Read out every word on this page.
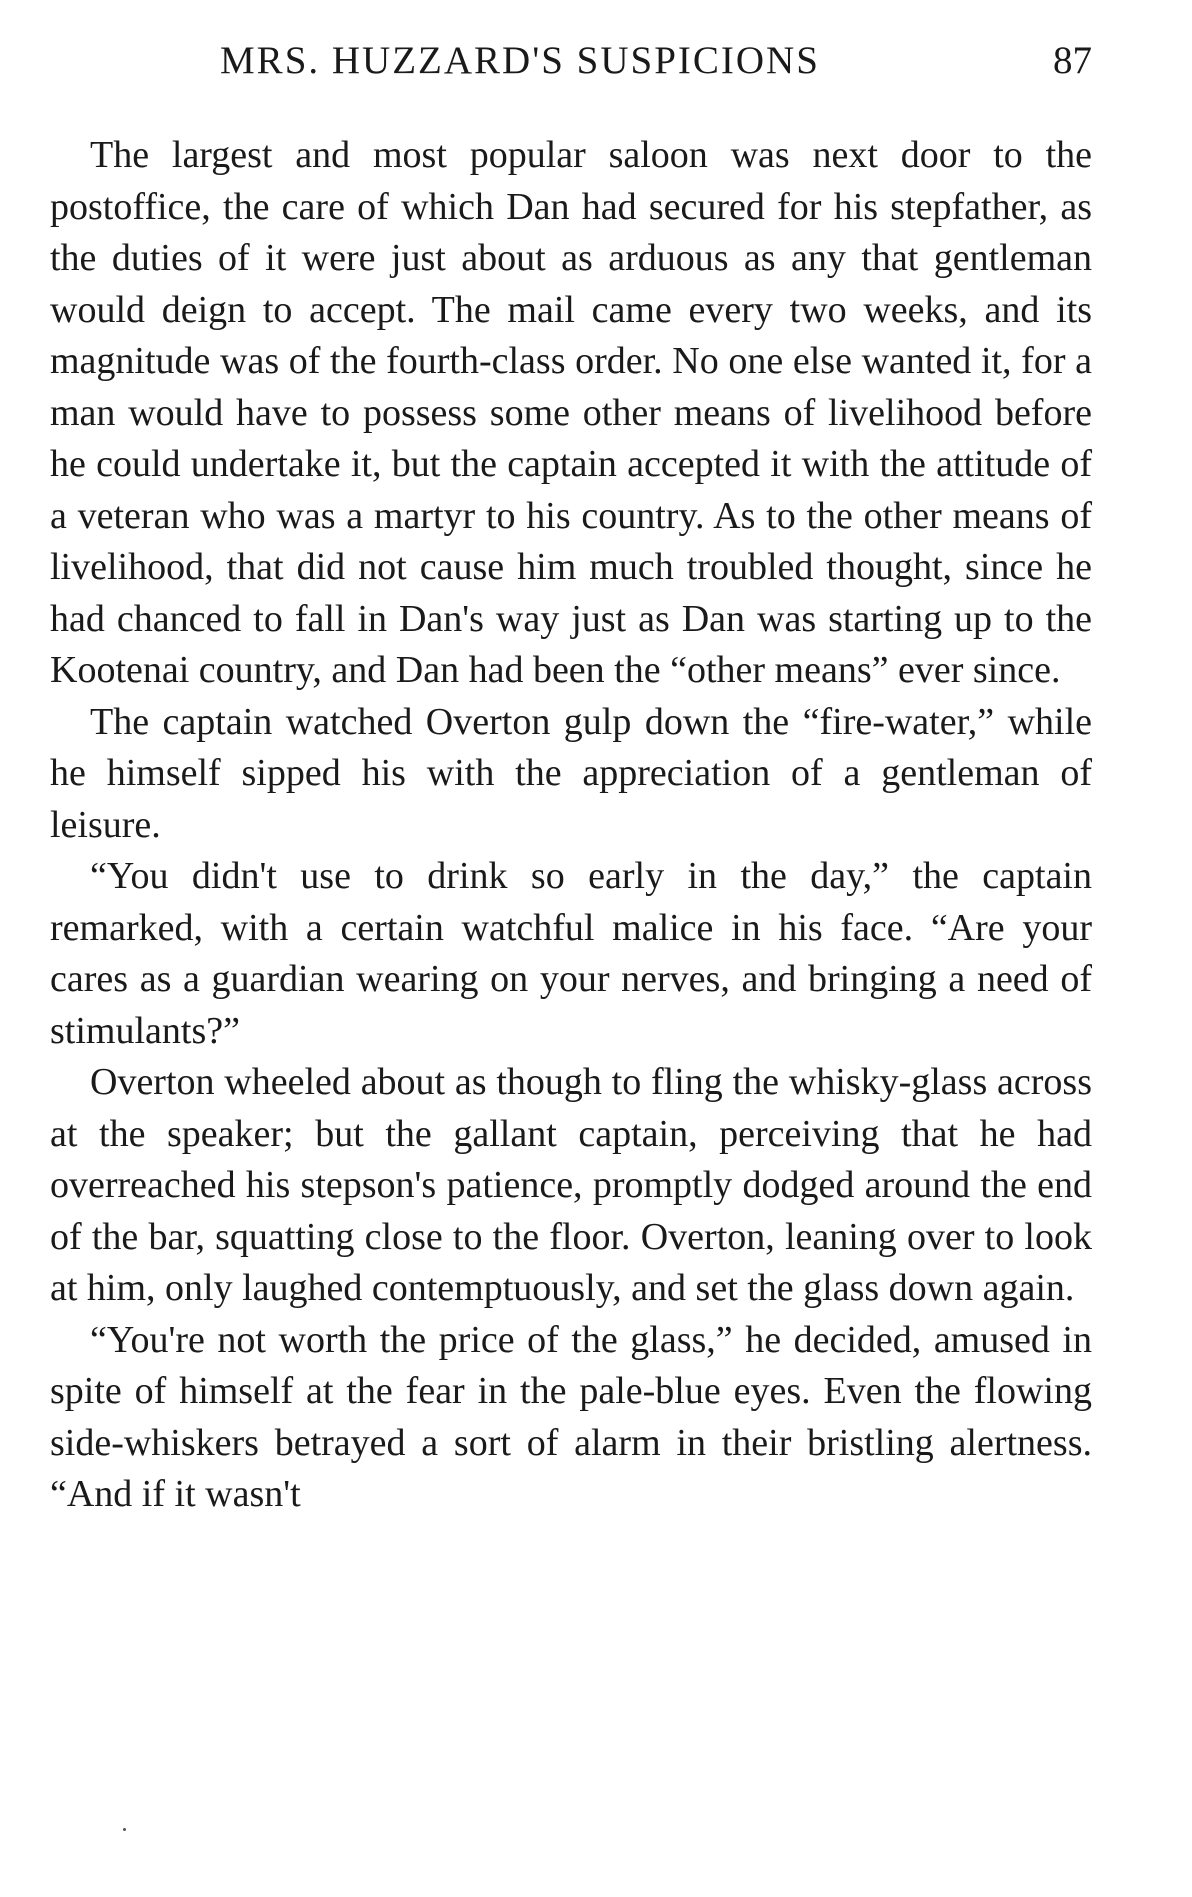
MRS. HUZZARD'S SUSPICIONS	87

The largest and most popular saloon was next door to the postoffice, the care of which Dan had secured for his stepfather, as the duties of it were just about as arduous as any that gentleman would deign to accept. The mail came every two weeks, and its magnitude was of the fourth-class order. No one else wanted it, for a man would have to possess some other means of livelihood before he could undertake it, but the captain accepted it with the attitude of a veteran who was a martyr to his country. As to the other means of livelihood, that did not cause him much troubled thought, since he had chanced to fall in Dan's way just as Dan was starting up to the Kootenai country, and Dan had been the “other means” ever since.

The captain watched Overton gulp down the “fire-water,” while he himself sipped his with the appreciation of a gentleman of leisure.

“You didn't use to drink so early in the day,” the captain remarked, with a certain watchful malice in his face. “Are your cares as a guardian wearing on your nerves, and bringing a need of stimulants?”

Overton wheeled about as though to fling the whisky-glass across at the speaker; but the gallant captain, perceiving that he had overreached his stepson's patience, promptly dodged around the end of the bar, squatting close to the floor. Overton, leaning over to look at him, only laughed contemptuously, and set the glass down again.

“You're not worth the price of the glass,” he decided, amused in spite of himself at the fear in the pale-blue eyes. Even the flowing side-whiskers betrayed a sort of alarm in their bristling alertness. “And if it wasn't
